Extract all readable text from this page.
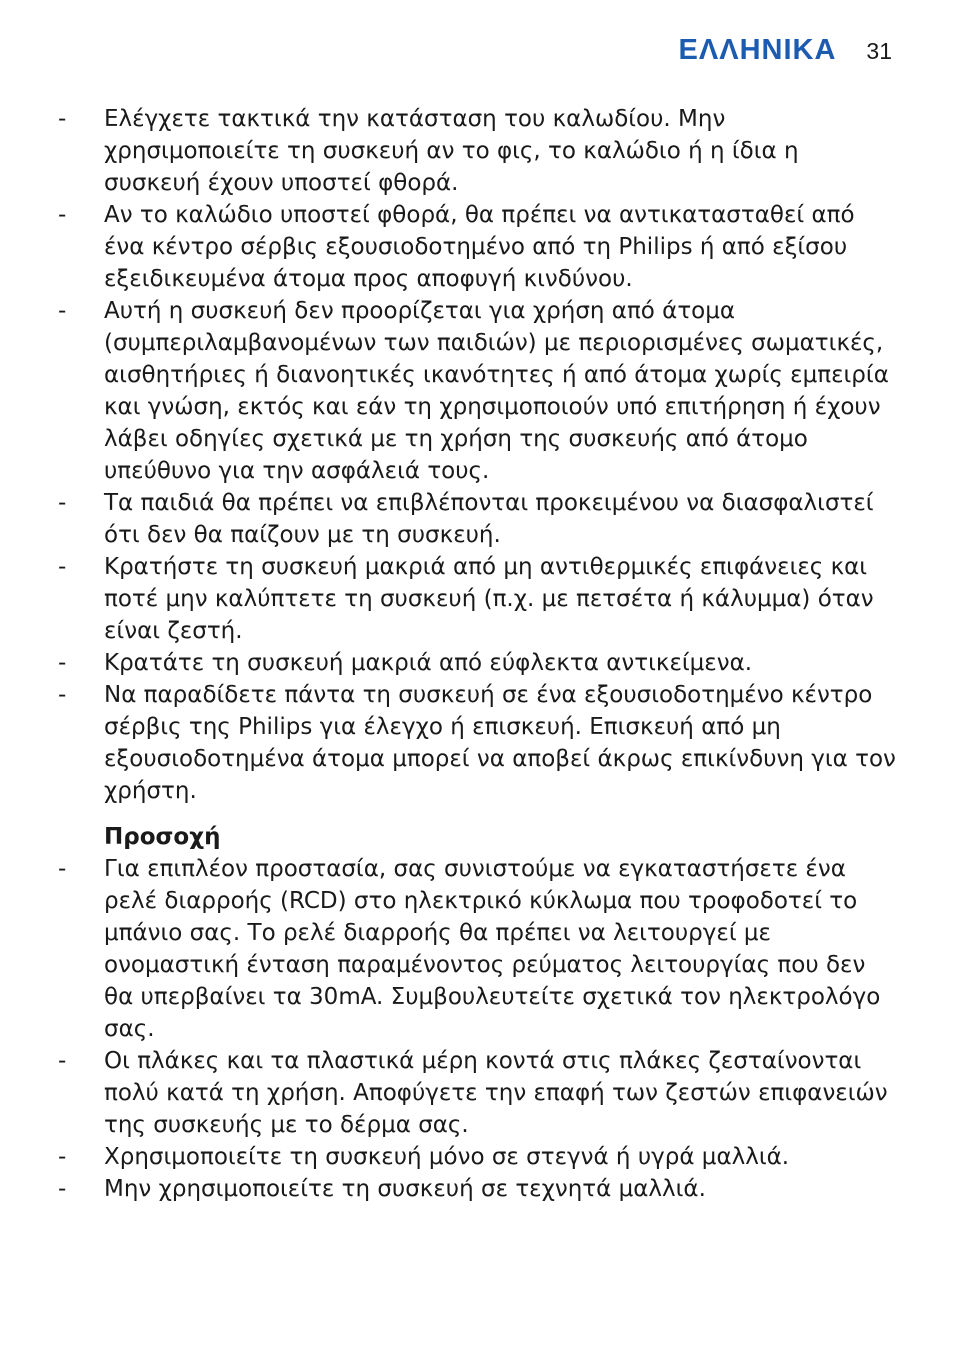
ΕΛΛΗΝΙΚΑ 31
- Ελέγχετε τακτικά την κατάσταση του καλωδίου. Μην χρησιμοποιείτε τη συσκευή αν το φις, το καλώδιο ή η ίδια η συσκευή έχουν υποστεί φθορά.
- Αν το καλώδιο υποστεί φθορά, θα πρέπει να αντικατασταθεί από ένα κέντρο σέρβις εξουσιοδοτημένο από τη Philips ή από εξίσου εξειδικευμένα άτομα προς αποφυγή κινδύνου.
- Αυτή η συσκευή δεν προορίζεται για χρήση από άτομα (συμπεριλαμβανομένων των παιδιών) με περιορισμένες σωματικές, αισθητήριες ή διανοητικές ικανότητες ή από άτομα χωρίς εμπειρία και γνώση, εκτός και εάν τη χρησιμοποιούν υπό επιτήρηση ή έχουν λάβει οδηγίες σχετικά με τη χρήση της συσκευής από άτομο υπεύθυνο για την ασφάλειά τους.
- Τα παιδιά θα πρέπει να επιβλέπονται προκειμένου να διασφαλιστεί ότι δεν θα παίζουν με τη συσκευή.
- Κρατήστε τη συσκευή μακριά από μη αντιθερμικές επιφάνειες και ποτέ μην καλύπτετε τη συσκευή (π.χ. με πετσέτα ή κάλυμμα) όταν είναι ζεστή.
- Κρατάτε τη συσκευή μακριά από εύφλεκτα αντικείμενα.
- Να παραδίδετε πάντα τη συσκευή σε ένα εξουσιοδοτημένο κέντρο σέρβις της Philips για έλεγχο ή επισκευή. Επισκευή από μη εξουσιοδοτημένα άτομα μπορεί να αποβεί άκρως επικίνδυνη για τον χρήστη.
Προσοχή
- Για επιπλέον προστασία, σας συνιστούμε να εγκαταστήσετε ένα ρελέ διαρροής (RCD) στο ηλεκτρικό κύκλωμα που τροφοδοτεί το μπάνιο σας. Το ρελέ διαρροής θα πρέπει να λειτουργεί με ονομαστική ένταση παραμένοντος ρεύματος λειτουργίας που δεν θα υπερβαίνει τα 30mA. Συμβουλευτείτε σχετικά τον ηλεκτρολόγο σας.
- Οι πλάκες και τα πλαστικά μέρη κοντά στις πλάκες ζεσταίνονται πολύ κατά τη χρήση. Αποφύγετε την επαφή των ζεστών επιφανειών της συσκευής με το δέρμα σας.
- Χρησιμοποιείτε τη συσκευή μόνο σε στεγνά ή υγρά μαλλιά.
- Μην χρησιμοποιείτε τη συσκευή σε τεχνητά μαλλιά.
